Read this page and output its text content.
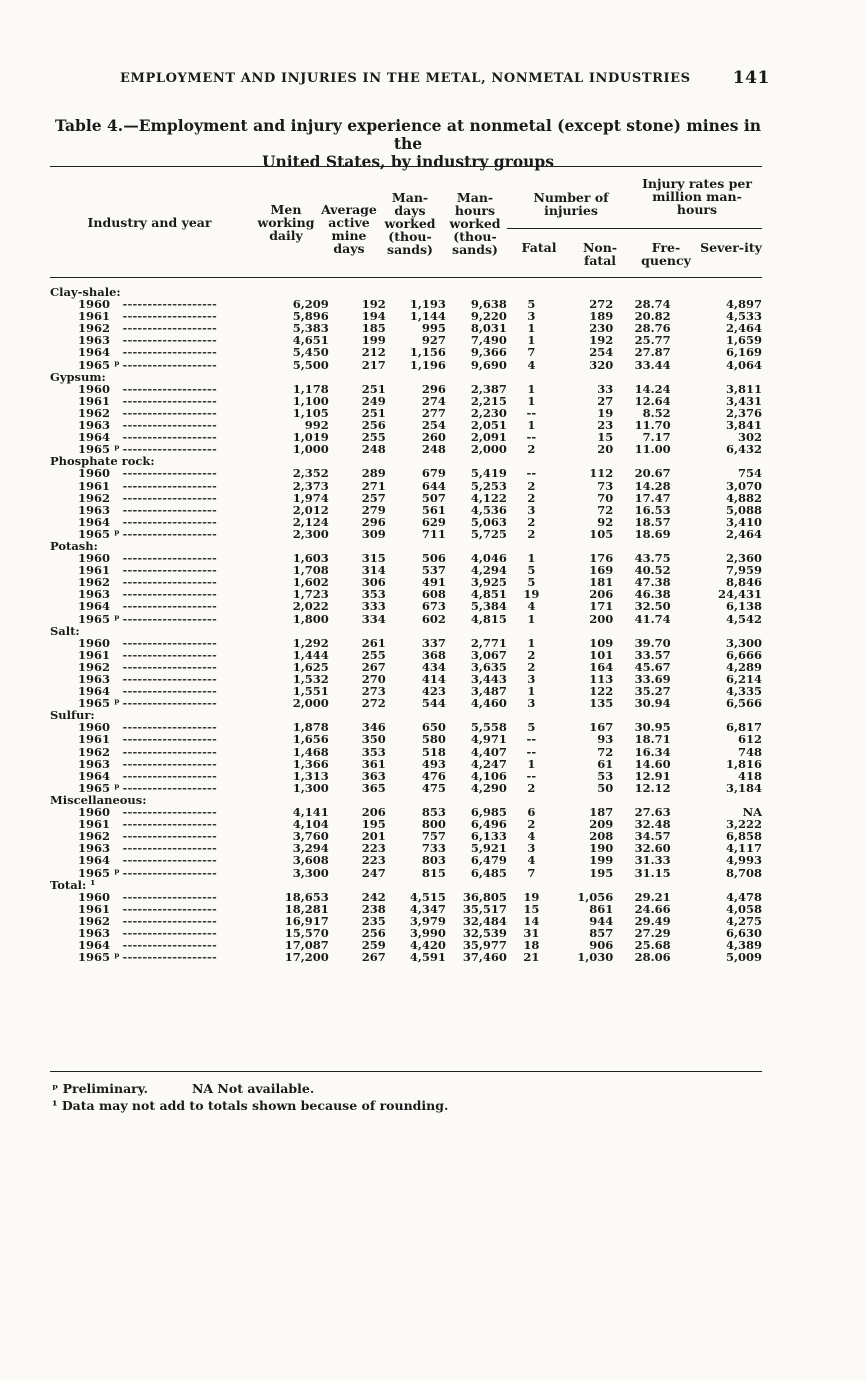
EMPLOYMENT AND INJURIES IN THE METAL, NONMETAL INDUSTRIES 141
Table 4.—Employment and injury experience at nonmetal (except stone) mines in the
United States, by industry groups
Industry and year
Men working daily
Average active mine days
Man-days worked (thou-sands)
Man-hours worked (thou-sands)
Number of injuries
Fatal	Non-fatal
Injury rates per million man-hours
Fre-quency
Sever-ity
Clay-shale:								
1960 -------------------	6,209	192	1,193	9,638	5	272	28.74	4,897
1961 -------------------	5,896	194	1,144	9,220	3	189	20.82	4,533
1962 -------------------	5,383	185	995	8,031	1	230	28.76	2,464
1963 -------------------	4,651	199	927	7,490	1	192	25.77	1,659
1964 -------------------	5,450	212	1,156	9,366	7	254	27.87	6,169
1965 ᵖ -------------------	5,500	217	1,196	9,690	4	320	33.44	4,064
Gypsum:								
1960 -------------------	1,178	251	296	2,387	1	33	14.24	3,811
1961 -------------------	1,100	249	274	2,215	1	27	12.64	3,431
1962 -------------------	1,105	251	277	2,230	--	19	8.52	2,376
1963 -------------------	992	256	254	2,051	1	23	11.70	3,841
1964 -------------------	1,019	255	260	2,091	--	15	7.17	302
1965 ᵖ -------------------	1,000	248	248	2,000	2	20	11.00	6,432
Phosphate rock:								
1960 -------------------	2,352	289	679	5,419	--	112	20.67	754
1961 -------------------	2,373	271	644	5,253	2	73	14.28	3,070
1962 -------------------	1,974	257	507	4,122	2	70	17.47	4,882
1963 -------------------	2,012	279	561	4,536	3	72	16.53	5,088
1964 -------------------	2,124	296	629	5,063	2	92	18.57	3,410
1965 ᵖ -------------------	2,300	309	711	5,725	2	105	18.69	2,464
Potash:								
1960 -------------------	1,603	315	506	4,046	1	176	43.75	2,360
1961 -------------------	1,708	314	537	4,294	5	169	40.52	7,959
1962 -------------------	1,602	306	491	3,925	5	181	47.38	8,846
1963 -------------------	1,723	353	608	4,851	19	206	46.38	24,431
1964 -------------------	2,022	333	673	5,384	4	171	32.50	6,138
1965 ᵖ -------------------	1,800	334	602	4,815	1	200	41.74	4,542
Salt:								
1960 -------------------	1,292	261	337	2,771	1	109	39.70	3,300
1961 -------------------	1,444	255	368	3,067	2	101	33.57	6,666
1962 -------------------	1,625	267	434	3,635	2	164	45.67	4,289
1963 -------------------	1,532	270	414	3,443	3	113	33.69	6,214
1964 -------------------	1,551	273	423	3,487	1	122	35.27	4,335
1965 ᵖ -------------------	2,000	272	544	4,460	3	135	30.94	6,566
Sulfur:								
1960 -------------------	1,878	346	650	5,558	5	167	30.95	6,817
1961 -------------------	1,656	350	580	4,971	--	93	18.71	612
1962 -------------------	1,468	353	518	4,407	--	72	16.34	748
1963 -------------------	1,366	361	493	4,247	1	61	14.60	1,816
1964 -------------------	1,313	363	476	4,106	--	53	12.91	418
1965 ᵖ -------------------	1,300	365	475	4,290	2	50	12.12	3,184
Miscellaneous:								
1960 -------------------	4,141	206	853	6,985	6	187	27.63	NA
1961 -------------------	4,104	195	800	6,496	2	209	32.48	3,222
1962 -------------------	3,760	201	757	6,133	4	208	34.57	6,858
1963 -------------------	3,294	223	733	5,921	3	190	32.60	4,117
1964 -------------------	3,608	223	803	6,479	4	199	31.33	4,993
1965 ᵖ -------------------	3,300	247	815	6,485	7	195	31.15	8,708
Total: ¹								
1960 -------------------	18,653	242	4,515	36,805	19	1,056	29.21	4,478
1961 -------------------	18,281	238	4,347	35,517	15	861	24.66	4,058
1962 -------------------	16,917	235	3,979	32,484	14	944	29.49	4,275
1963 -------------------	15,570	256	3,990	32,539	31	857	27.29	6,630
1964 -------------------	17,087	259	4,420	35,977	18	906	25.68	4,389
1965 ᵖ -------------------	17,200	267	4,591	37,460	21	1,030	28.06	5,009
ᵖ Preliminary.	NA Not available.
¹ Data may not add to totals shown because of rounding.
